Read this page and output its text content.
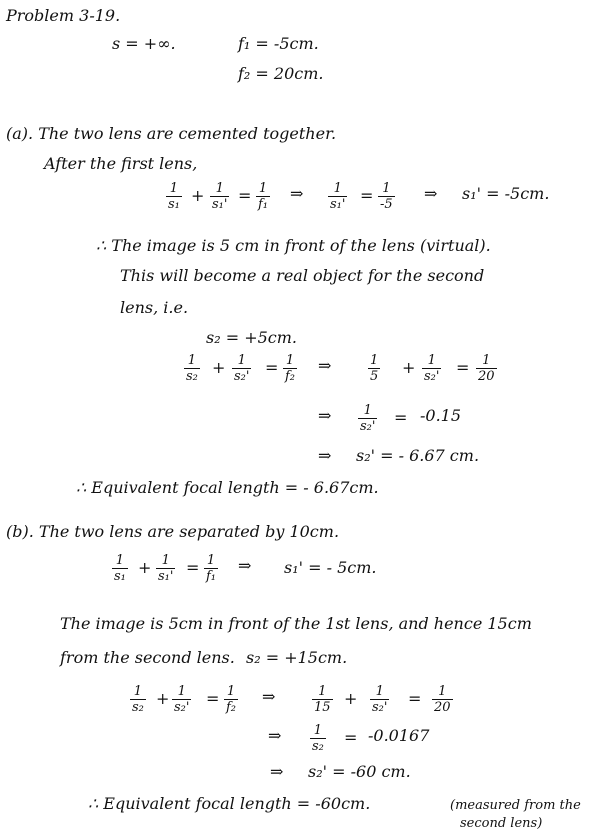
Problem 3-19.
s = +∞.	f₁ = -5cm.
f₂ = 20cm.
(a). The two lens are cemented together.
After the first lens,
$\frac{1}{\text{s₁}} + \frac{1}{\text{s₁'}} = \frac{1}{\text{f₁}}$ ⇒ $\frac{1}{\text{s₁'}} = \frac{1}{-5}$ ⇒ s₁' = -5cm.
∴ The image is 5 cm in front of the lens (virtual).
This will become a real object for the second
lens, i.e.
s₂ = +5cm.
$\frac{1}{\text{s₂}} + \frac{1}{\text{s₂'}} = \frac{1}{\text{f₂}}$ ⇒	$\frac{1}{5} + \frac{1}{\text{s₂'}} = \frac{1}{20}$
⇒ $\frac{1}{\text{s₂'}} = -0.15$
⇒ s₂' = - 6.67 cm.
∴ Equivalent focal length = - 6.67cm.
(b). The two lens are separated by 10cm.
$\frac{1}{\text{s₁}} + \frac{1}{\text{s₁'}} = \frac{1}{\text{f₁}}$ ⇒ s₁' = - 5cm.
The image is 5cm in front of the 1st lens, and hence 15cm
from the second lens. s₂ = +15cm.
$\frac{1}{\text{s₂}} + \frac{1}{\text{s₂'}} = \frac{1}{\text{f₂}}$ ⇒	$\frac{1}{15} + \frac{1}{\text{s₂'}} = \frac{1}{20}$
⇒ $\frac{1}{\text{s₂}} = -0.0167$
⇒ s₂' = -60 cm.
∴ Equivalent focal length = -60cm.	(measured from the
second lens)
